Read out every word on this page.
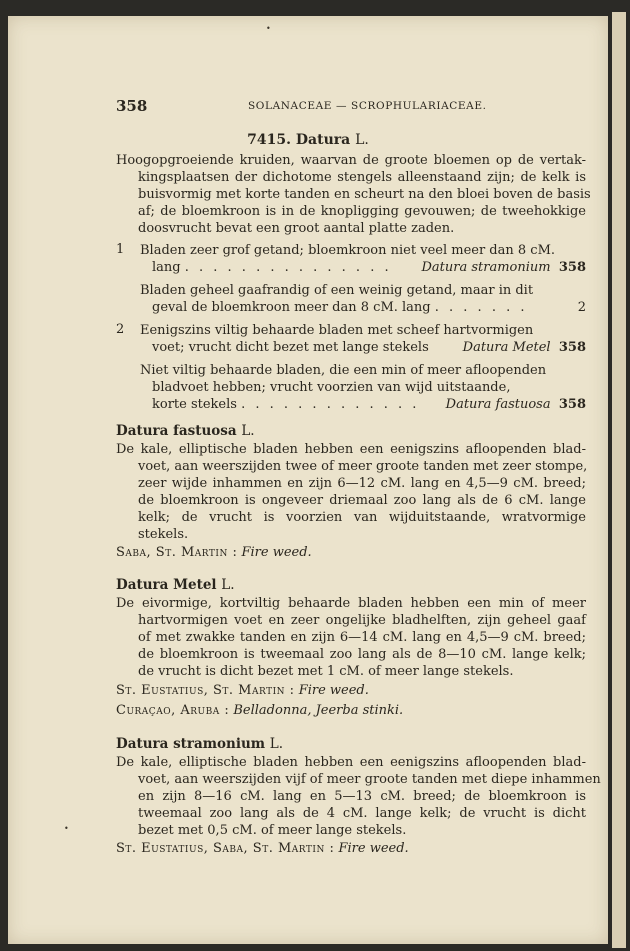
•
•
358	SOLANACEAE — SCROPHULARIACEAE.
7415. Datura L.
Hoogopgroeiende kruiden, waarvan de groote bloemen op de vertak-
kingsplaatsen der dichotome stengels alleenstaand zijn; de kelk is
buisvormig met korte tanden en scheurt na den bloei boven de basis
af; de bloemkroon is in de knopligging gevouwen; de tweehokkige
doosvrucht bevat een groot aantal platte zaden.
1 Bladen zeer grof getand; bloemkroon niet veel meer dan 8 cM.
lang . . . . . . . . . . . . . . . Datura stramonium 358
Bladen geheel gaafrandig of een weinig getand, maar in dit
geval de bloemkroon meer dan 8 cM. lang . . . . . . .	2
2 Eenigszins viltig behaarde bladen met scheef hartvormigen
voet; vrucht dicht bezet met lange stekels	Datura Metel 358
Niet viltig behaarde bladen, die een min of meer afloopenden
bladvoet hebben; vrucht voorzien van wijd uitstaande,
korte stekels . . . . . . . . . . . . . Datura fastuosa 358
Datura fastuosa L.
De kale, elliptische bladen hebben een eenigszins afloopenden blad-
voet, aan weerszijden twee of meer groote tanden met zeer stompe,
zeer wijde inhammen en zijn 6—12 cM. lang en 4,5—9 cM. breed;
de bloemkroon is ongeveer driemaal zoo lang als de 6 cM. lange
kelk; de vrucht is voorzien van wijduitstaande, wratvormige
stekels.
Saba, St. Martin : Fire weed.
Datura Metel L.
De eivormige, kortviltig behaarde bladen hebben een min of meer
hartvormigen voet en zeer ongelijke bladhelften, zijn geheel gaaf
of met zwakke tanden en zijn 6—14 cM. lang en 4,5—9 cM. breed;
de bloemkroon is tweemaal zoo lang als de 8—10 cM. lange kelk;
de vrucht is dicht bezet met 1 cM. of meer lange stekels.
St. Eustatius, St. Martin : Fire weed.
Curaçao, Aruba : Belladonna, Jeerba stinki.
Datura stramonium L.
De kale, elliptische bladen hebben een eenigszins afloopenden blad-
voet, aan weerszijden vijf of meer groote tanden met diepe inhammen
en zijn 8—16 cM. lang en 5—13 cM. breed; de bloemkroon is
tweemaal zoo lang als de 4 cM. lange kelk; de vrucht is dicht
bezet met 0,5 cM. of meer lange stekels.
St. Eustatius, Saba, St. Martin : Fire weed.
